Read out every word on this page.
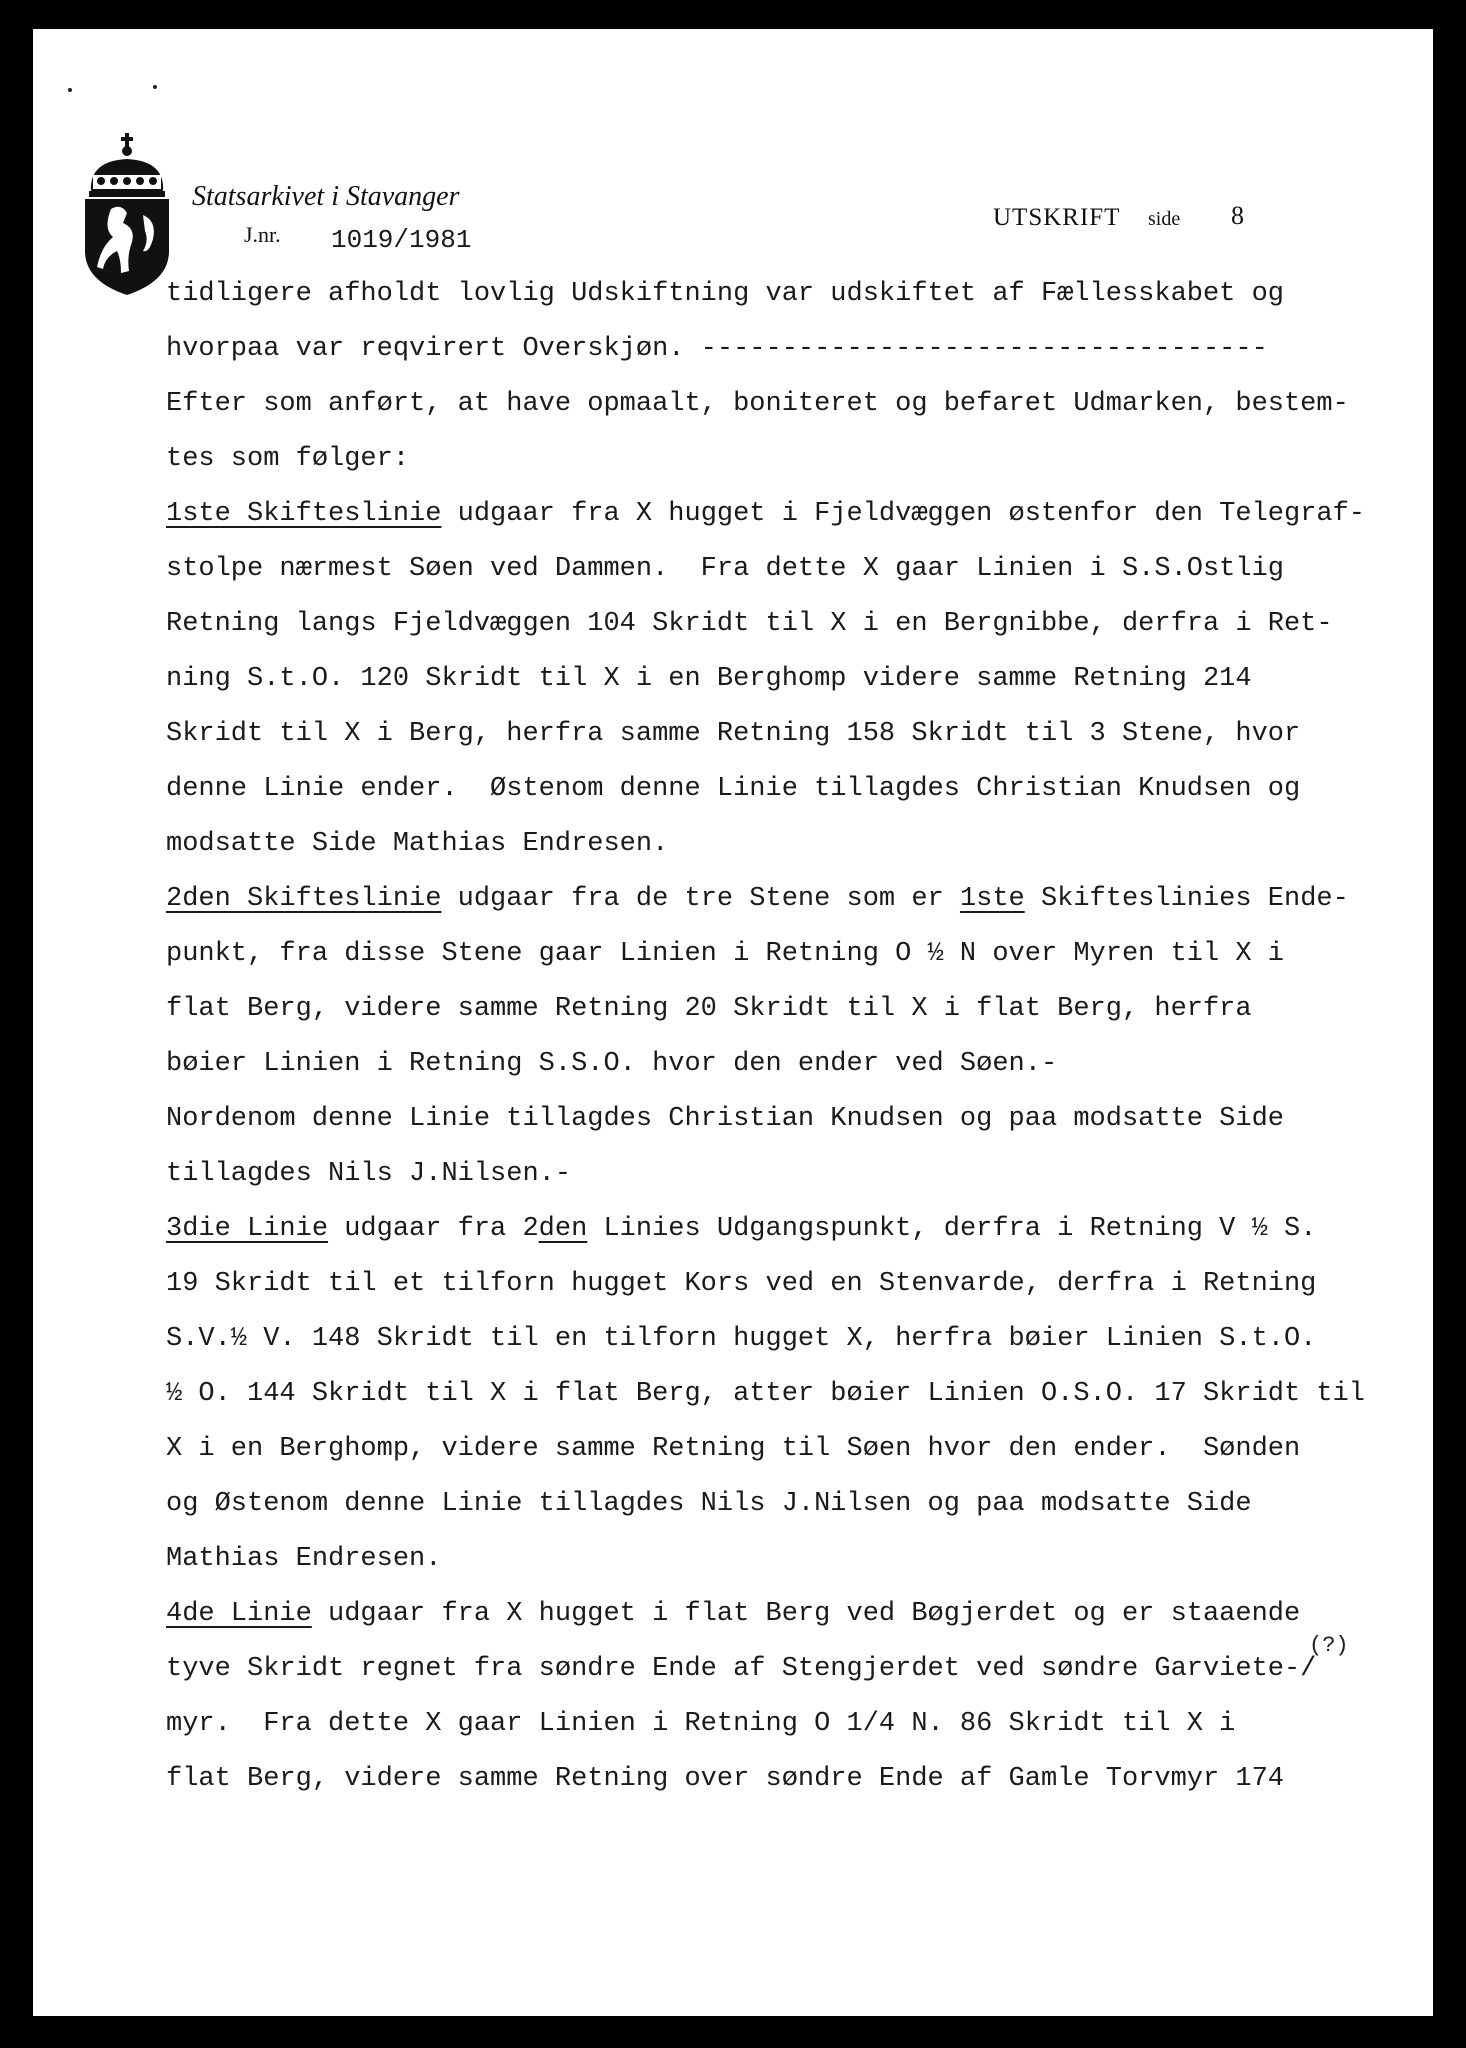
Statsarkivet i Stavanger
J.nr. 1019/1981
UTSKRIFT side 8
(?)
tidligere afholdt lovlig Udskiftning var udskiftet af Fællesskabet og
hvorpaa var reqvirert Overskjøn. -----------------------------------
Efter som anført, at have opmaalt, boniteret og befaret Udmarken, bestem-
tes som følger:
1ste Skifteslinie udgaar fra X hugget i Fjeldvæggen østenfor den Telegraf-
stolpe nærmest Søen ved Dammen.  Fra dette X gaar Linien i S.S.Ostlig
Retning langs Fjeldvæggen 104 Skridt til X i en Bergnibbe, derfra i Ret-
ning S.t.O. 120 Skridt til X i en Berghomp videre samme Retning 214
Skridt til X i Berg, herfra samme Retning 158 Skridt til 3 Stene, hvor
denne Linie ender.  Østenom denne Linie tillagdes Christian Knudsen og
modsatte Side Mathias Endresen.
2den Skifteslinie udgaar fra de tre Stene som er 1ste Skifteslinies Ende-
punkt, fra disse Stene gaar Linien i Retning O ½ N over Myren til X i
flat Berg, videre samme Retning 20 Skridt til X i flat Berg, herfra
bøier Linien i Retning S.S.O. hvor den ender ved Søen.-
Nordenom denne Linie tillagdes Christian Knudsen og paa modsatte Side
tillagdes Nils J.Nilsen.-
3die Linie udgaar fra 2den Linies Udgangspunkt, derfra i Retning V ½ S.
19 Skridt til et tilforn hugget Kors ved en Stenvarde, derfra i Retning
S.V.½ V. 148 Skridt til en tilforn hugget X, herfra bøier Linien S.t.O.
½ O. 144 Skridt til X i flat Berg, atter bøier Linien O.S.O. 17 Skridt til
X i en Berghomp, videre samme Retning til Søen hvor den ender.  Sønden
og Østenom denne Linie tillagdes Nils J.Nilsen og paa modsatte Side
Mathias Endresen.
4de Linie udgaar fra X hugget i flat Berg ved Bøgjerdet og er staaende
tyve Skridt regnet fra søndre Ende af Stengjerdet ved søndre Garviete-/
myr.  Fra dette X gaar Linien i Retning O 1/4 N. 86 Skridt til X i
flat Berg, videre samme Retning over søndre Ende af Gamle Torvmyr 174
